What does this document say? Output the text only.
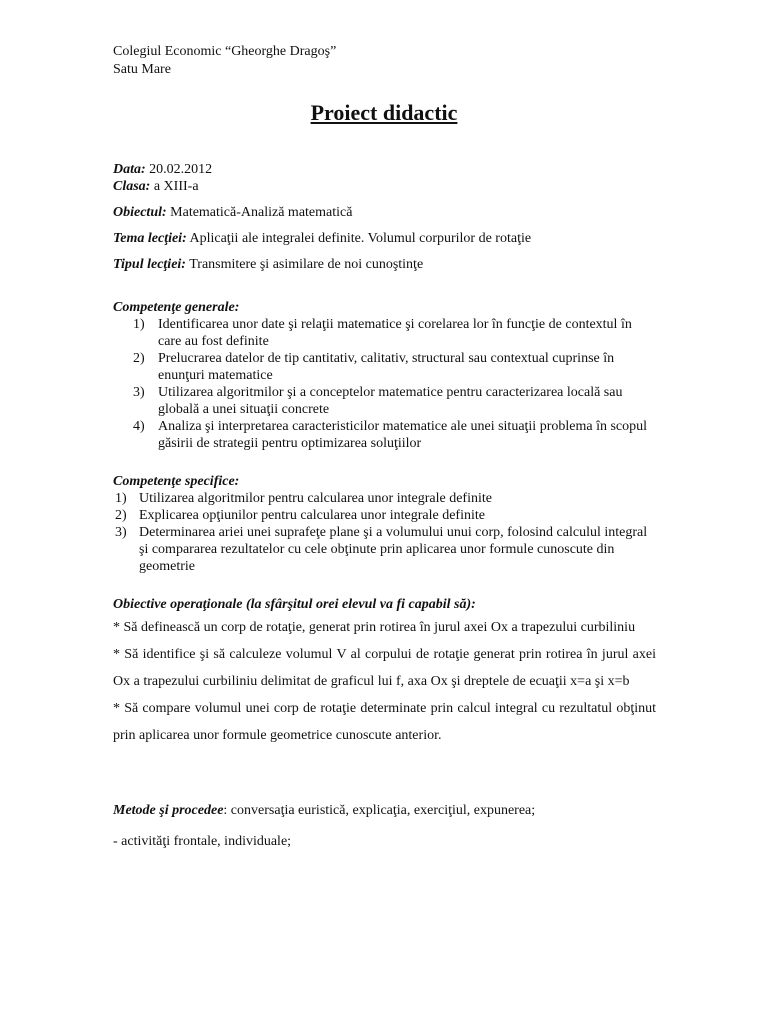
Colegiul Economic “Gheorghe Dragoş”
Satu Mare
Proiect didactic
Data: 20.02.2012
Clasa: a XIII-a
Obiectul: Matematică-Analiză matematică
Tema lecţiei: Aplicaţii ale integralei definite. Volumul corpurilor de rotaţie
Tipul lecţiei: Transmitere şi asimilare de noi cunoştinţe
Competenţe generale:
1) Identificarea unor date şi relaţii matematice şi corelarea lor în funcţie de contextul în care au fost definite
2) Prelucrarea datelor de tip cantitativ, calitativ, structural sau contextual cuprinse în enunţuri matematice
3) Utilizarea algoritmilor şi a conceptelor matematice pentru caracterizarea locală sau globală a unei situaţii concrete
4) Analiza şi interpretarea caracteristicilor matematice ale unei situaţii problema în scopul găsirii de strategii pentru optimizarea soluţiilor
Competenţe specifice:
1) Utilizarea algoritmilor pentru calcularea unor integrale definite
2) Explicarea opţiunilor pentru calcularea unor integrale definite
3) Determinarea ariei unei suprafeţe plane şi a volumului unui corp, folosind calculul integral şi compararea rezultatelor cu cele obţinute prin aplicarea unor formule cunoscute din geometrie
Obiective operaţionale (la sfârşitul orei elevul va fi capabil să):

* Să definească un corp de rotaţie, generat prin rotirea în jurul axei Ox a trapezului curbiliniu

* Să identifice şi să calculeze volumul V al corpului de rotaţie generat prin rotirea în jurul axei Ox a trapezului curbiliniu delimitat de graficul lui f, axa Ox şi dreptele de ecuaţii x=a şi x=b

* Să compare volumul unei corp de rotaţie determinate prin calcul integral cu rezultatul obţinut prin aplicarea unor formule geometrice cunoscute anterior.

Metode şi procedee: conversaţia euristică, explicaţia, exerciţiul, expunerea;
- activităţi frontale, individuale;
